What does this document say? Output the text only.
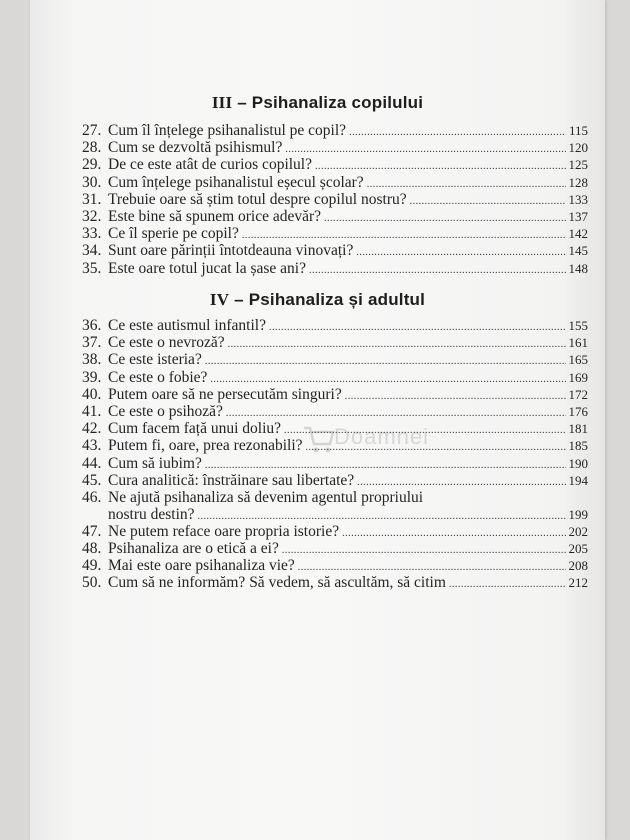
III – Psihanaliza copilului
27. Cum îl înțelege psihanalistul pe copil? .....	115
28. Cum se dezvoltă psihismul? .....	120
29. De ce este atât de curios copilul? .....	125
30. Cum înțelege psihanalistul eșecul școlar? .....	128
31. Trebuie oare să știm totul despre copilul nostru? .....	133
32. Este bine să spunem orice adevăr? .....	137
33. Ce îl sperie pe copil? .....	142
34. Sunt oare părinții întotdeauna vinovați? .....	145
35. Este oare totul jucat la șase ani? .....	148
IV – Psihanaliza și adultul
36. Ce este autismul infantil? .....	155
37. Ce este o nevroză? .....	161
38. Ce este isteria? .....	165
39. Ce este o fobie? .....	169
40. Putem oare să ne persecutăm singuri? .....	172
41. Ce este o psihoză? .....	176
42. Cum facem față unui doliu? .....	181
43. Putem fi, oare, prea rezonabili? .....	185
44. Cum să iubim? .....	190
45. Cura analitică: înstrăinare sau libertate? .....	194
46. Ne ajută psihanaliza să devenim agentul propriului
nostru destin? .....	199
47. Ne putem reface oare propria istorie? .....	202
48. Psihanaliza are o etică a ei? .....	205
49. Mai este oare psihanaliza vie? .....	208
50. Cum să ne informăm? Să vedem, să ascultăm, să citim .....	212
Doamnei
